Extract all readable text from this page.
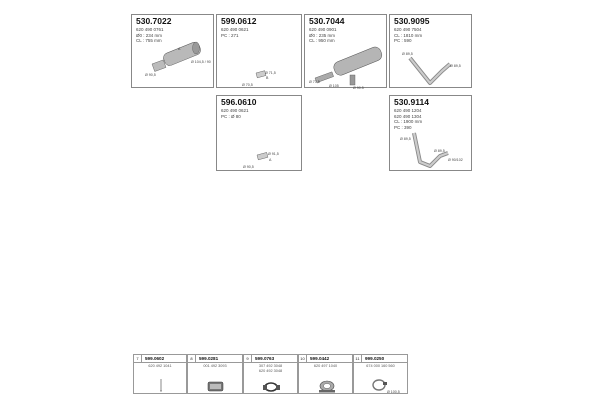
530.7022
620 490 0761
Ø0 : 234 mm
CL : 755 mm
A
Ø 104,5 / 90
Ø 90,5
599.0612
620 490 0621
PC : 271
Ø 71,5
Ø 70,5
B
530.7044
620 490 0901
Ø0 : 235 mm
CL : 950 mm
Ø 77,5
Ø 90,5
Ø 105
530.9095
620 490 7504
CL : 1810 mm
PC : 590
Ø 89,5
Ø 89,5
596.0610
620 490 0621
PC : Ø 80
Ø 91,5
Ø 90,5
A
530.9114
620 490 1204
620 490 1304
CL : 1900 mm
PC : 390
Ø 89,5
Ø 89,5
Ø 90/102
7	599.0602
620 492 1041
8	599.0281
001 492 3093
9	599.0763
307 492 3048
620 492 3048
10	599.0442
620 497 1040
11	999.0250
674 000 160 560
Ø 100,5
